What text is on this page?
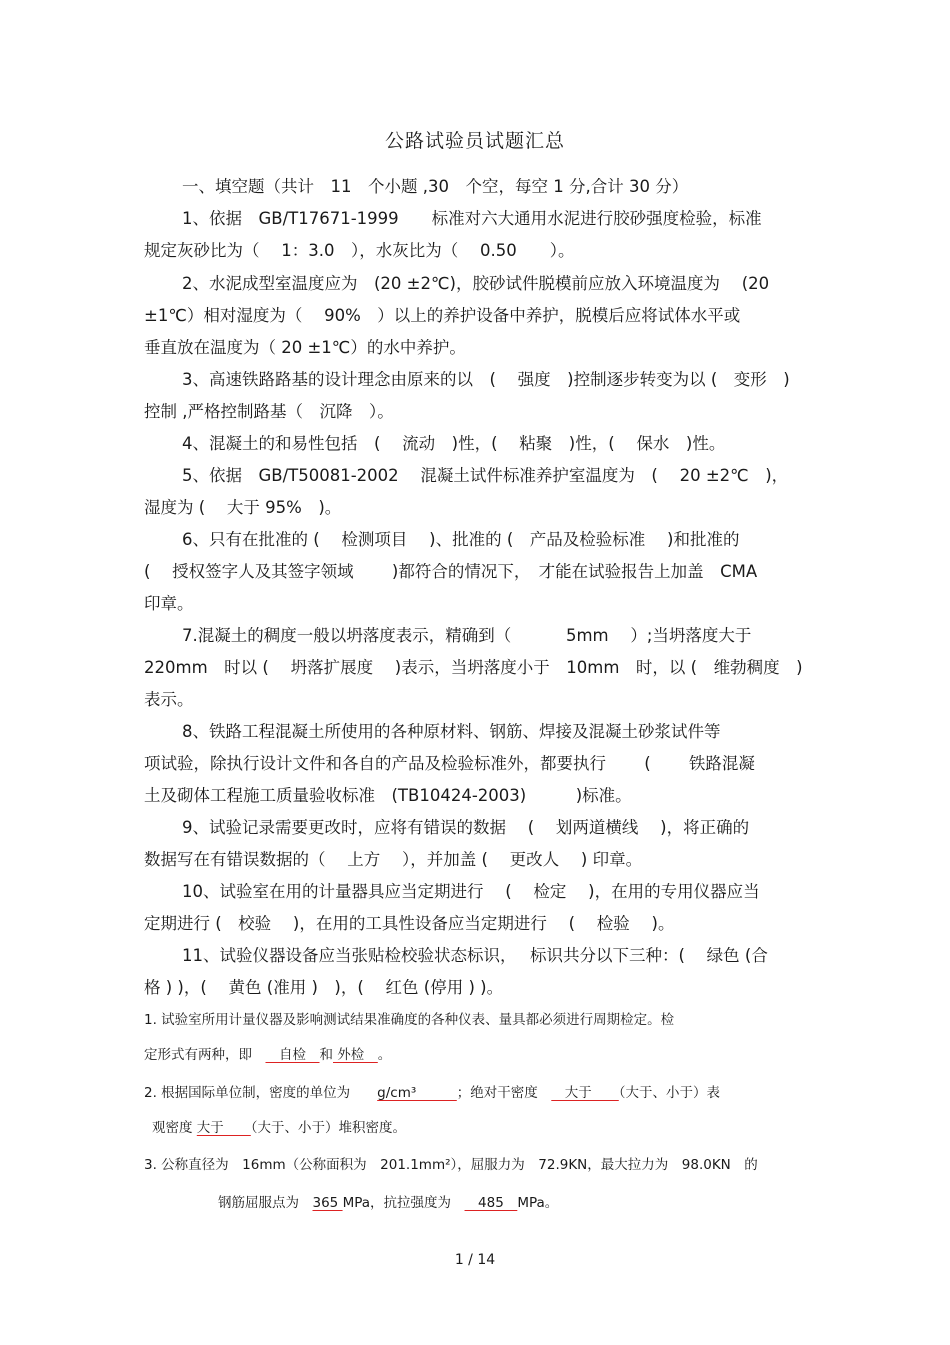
公路试验员试题汇总
一、填空题（共计　11　个小题 ,30　个空，每空 1 分,合计 30 分）
1、依据　GB/T17671-1999　　标准对六大通用水泥进行胶砂强度检验，标准
规定灰砂比为（　 1：3.0　），水灰比为（　 0.50　　）。
2、水泥成型室温度应为　(20 ±2℃)，胶砂试件脱模前应放入环境温度为　 (20
±1℃）相对湿度为（　 90%　）以上的养护设备中养护，脱模后应将试体水平或
垂直放在温度为（ 20 ±1℃）的水中养护。
3、高速铁路路基的设计理念由原来的以　(　 强度　)控制逐步转变为以 (　变形　)
控制 ,严格控制路基（　沉降　）。
4、混凝土的和易性包括　(　 流动　)性，(　 粘聚　)性，(　 保水　)性。
5、依据　GB/T50081-2002　 混凝土试件标准养护室温度为　(　 20 ±2℃　)，
湿度为 (　 大于 95%　)。
6、只有在批准的 (　 检测项目　 )、批准的 (　产品及检验标准　 )和批准的
(　 授权签字人及其签字领域　　 )都符合的情况下，　才能在试验报告上加盖　CMA
印章。
7.混凝土的稠度一般以坍落度表示，精确到（　　　 5mm　 ）;当坍落度大于
220mm　时以 (　 坍落扩展度　 )表示，当坍落度小于　10mm　时，以 (　维勃稠度　)
表示。
8、铁路工程混凝土所使用的各种原材料、钢筋、焊接及混凝土砂浆试件等
项试验，除执行设计文件和各自的产品及检验标准外，都要执行　　 (　　 铁路混凝
土及砌体工程施工质量验收标准　(TB10424-2003)　　　)标准。
9、试验记录需要更改时，应将有错误的数据　 (　 划两道横线　 )，将正确的
数据写在有错误数据的（　 上方　 ），并加盖 (　 更改人　 ) 印章。
10、试验室在用的计量器具应当定期进行　 (　 检定　 )，在用的专用仪器应当
定期进行 (　校验　 )，在用的工具性设备应当定期进行　 (　 检验　 )。
11、试验仪器设备应当张贴检校验状态标识，　 标识共分以下三种：(　 绿色 (合
格 ) )，(　 黄色 (准用 )　)，(　 红色 (停用 ) )。
1. 试验室所用计量仪器及影响测试结果准确度的各种仪表、量具都必须进行周期检定。检
定形式有两种，即　　自检　和 外检　。
2. 根据国际单位制，密度的单位为　　g/cm³　　　；绝对干密度　　大于　　（大于、小于）表
观密度 大于　　（大于、小于）堆积密度。
3. 公称直径为　16mm（公称面积为　201.1mm²），屈服力为　72.9KN，最大拉力为　98.0KN　的
钢筋屈服点为　365 MPa，抗拉强度为　　485　MPa。
1 / 14
